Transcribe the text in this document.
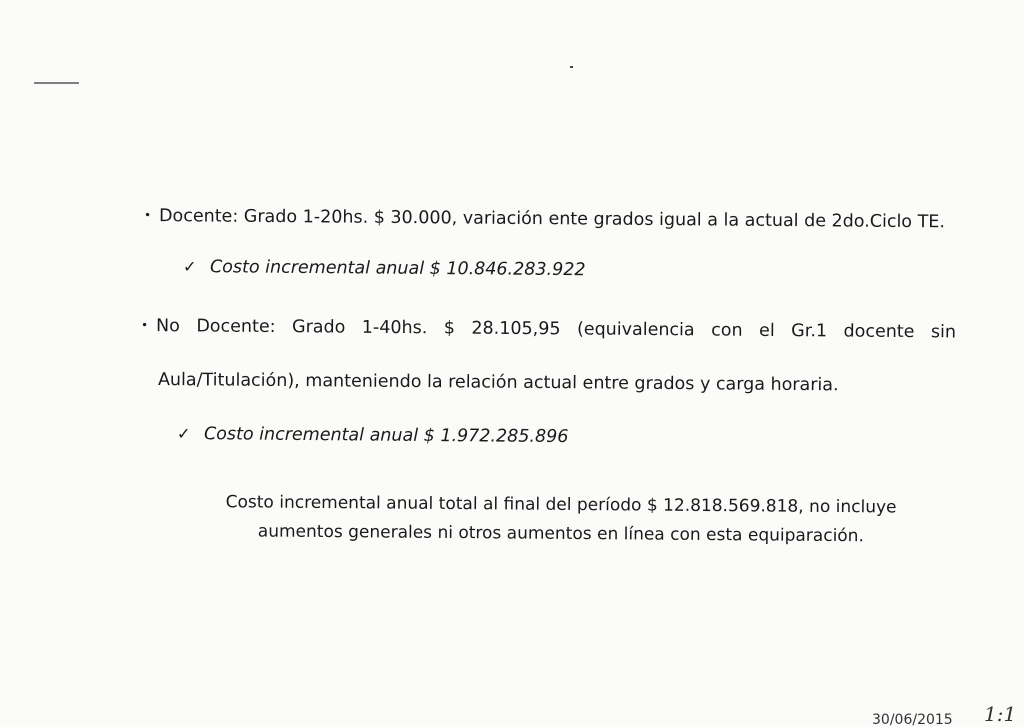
• Docente: Grado 1-20hs. $ 30.000, variación ente grados igual a la actual de 2do.Ciclo TE.
✓ Costo incremental anual $ 10.846.283.922
• No Docente: Grado 1-40hs. $ 28.105,95 (equivalencia con el Gr.1 docente sin
Aula/Titulación), manteniendo la relación actual entre grados y carga horaria.
✓ Costo incremental anual $ 1.972.285.896
Costo incremental anual total al final del período $ 12.818.569.818, no incluye
aumentos generales ni otros aumentos en línea con esta equiparación.
30/06/2015 1:1
